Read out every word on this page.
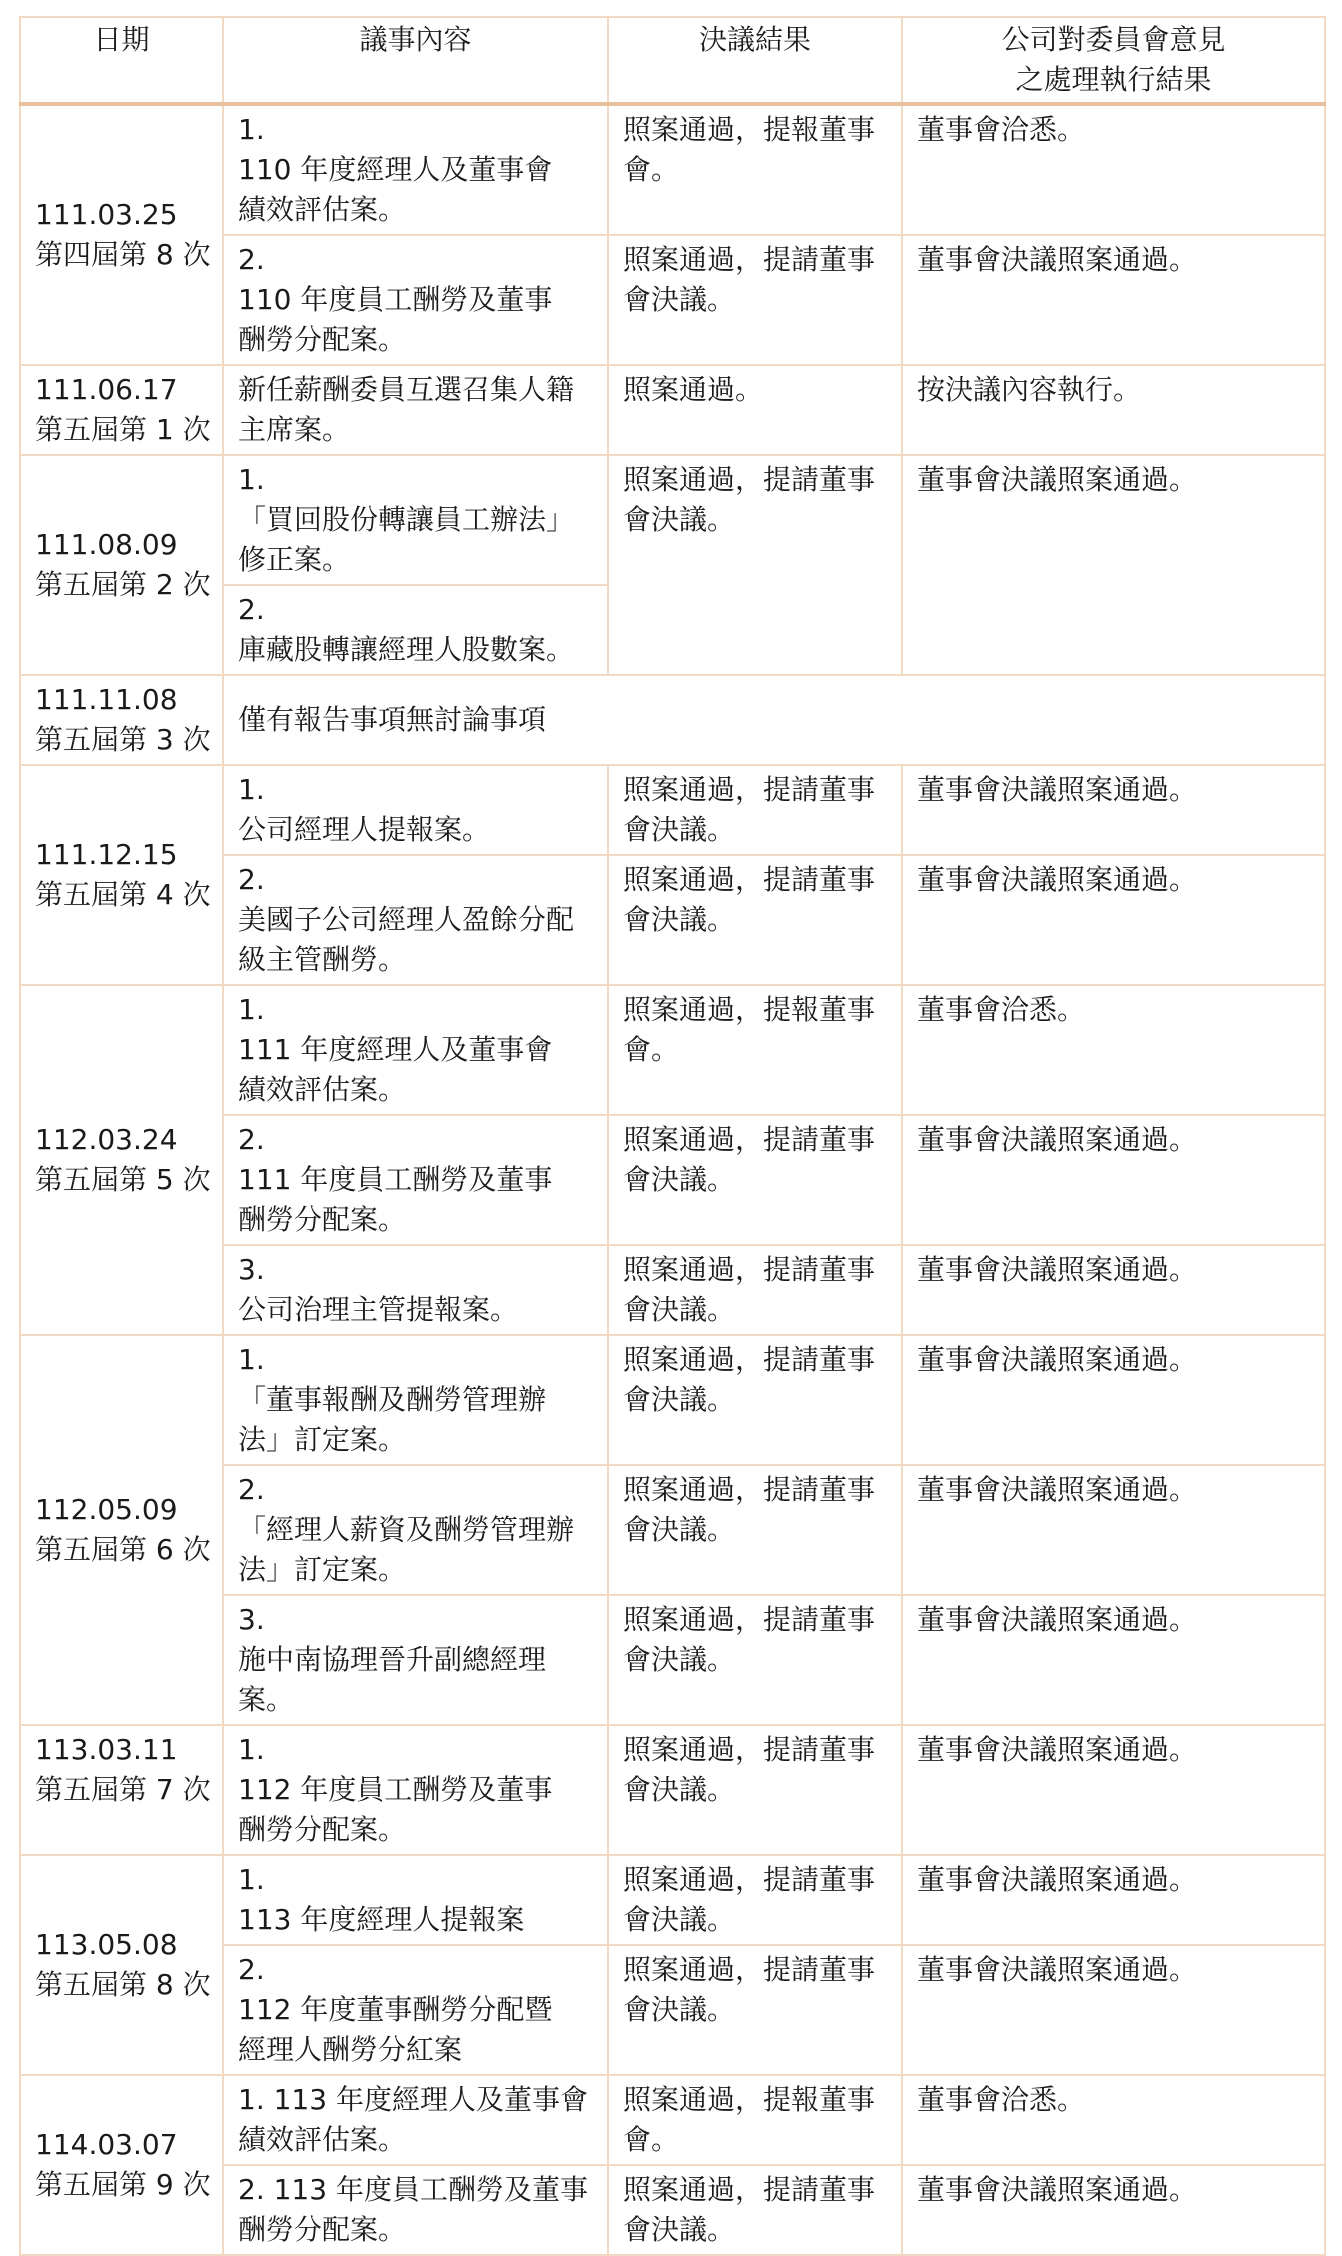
日期	議事內容	決議結果	公司對委員會意見
之處理執行結果

111.03.25
第四屆第 8 次	1.110 年度經理人及董事會績效評估案。	照案通過，提報董事會。	董事會洽悉。
	2.110 年度員工酬勞及董事酬勞分配案。	照案通過，提請董事會決議。	董事會決議照案通過。

111.06.17
第五屆第 1 次	新任薪酬委員互選召集人籍主席案。	照案通過。	按決議內容執行。

111.08.09
第五屆第 2 次	1.「買回股份轉讓員工辦法」修正案。	照案通過，提請董事會決議。	董事會決議照案通過。
	2.庫藏股轉讓經理人股數案。		

111.11.08
第五屆第 3 次	僅有報告事項無討論事項		

111.12.15
第五屆第 4 次	1.公司經理人提報案。	照案通過，提請董事會決議。	董事會決議照案通過。
	2.美國子公司經理人盈餘分配級主管酬勞。	照案通過，提請董事會決議。	董事會決議照案通過。

112.03.24
第五屆第 5 次	1.111 年度經理人及董事會績效評估案。	照案通過，提報董事會。	董事會洽悉。
	2.111 年度員工酬勞及董事酬勞分配案。	照案通過，提請董事會決議。	董事會決議照案通過。
	3.公司治理主管提報案。	照案通過，提請董事會決議。	董事會決議照案通過。

112.05.09
第五屆第 6 次	1.「董事報酬及酬勞管理辦法」訂定案。	照案通過，提請董事會決議。	董事會決議照案通過。
	2.「經理人薪資及酬勞管理辦法」訂定案。	照案通過，提請董事會決議。	董事會決議照案通過。
	3.施中南協理晉升副總經理案。	照案通過，提請董事會決議。	董事會決議照案通過。

113.03.11
第五屆第 7 次	1.112 年度員工酬勞及董事酬勞分配案。	照案通過，提請董事會決議。	董事會決議照案通過。

113.05.08
第五屆第 8 次	1.113 年度經理人提報案	照案通過，提請董事會決議。	董事會決議照案通過。
	2.112 年度董事酬勞分配暨經理人酬勞分紅案	照案通過，提請董事會決議。	董事會決議照案通過。

114.03.07
第五屆第 9 次	1. 113 年度經理人及董事會績效評估案。	照案通過，提報董事會。	董事會洽悉。
	2. 113 年度員工酬勞及董事酬勞分配案。	照案通過，提請董事會決議。	董事會決議照案通過。
